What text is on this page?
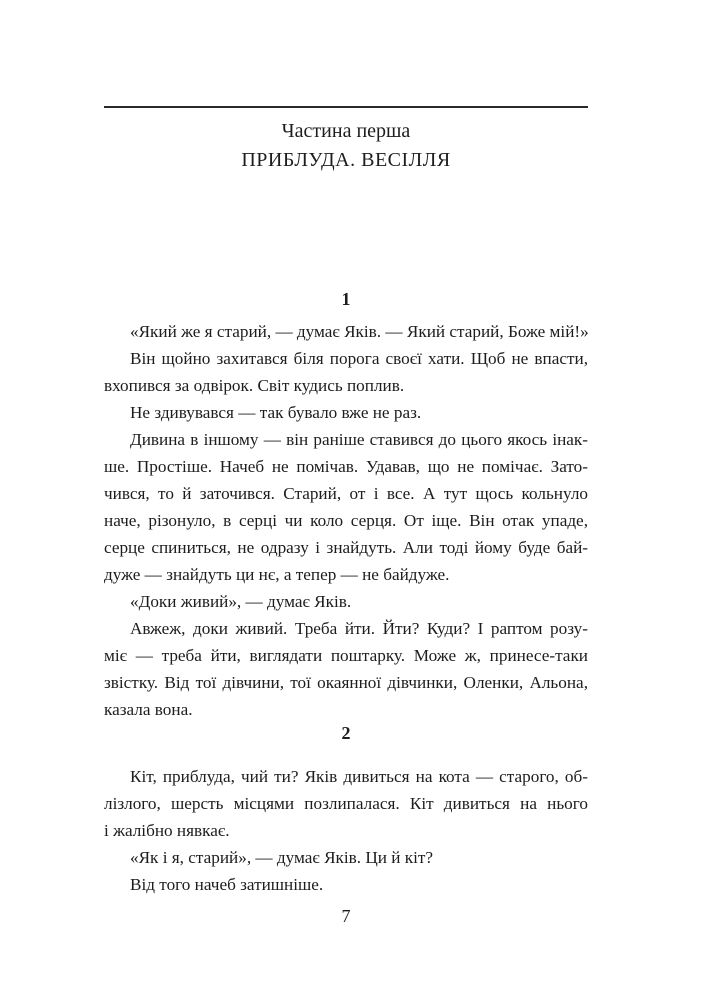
Частина перша
ПРИБЛУДА. ВЕСІЛЛЯ
1
«Який же я старий, — думає Яків. — Який старий, Боже мій!»
Він щойно захитався біля порога своєї хати. Щоб не впасти,
вхопився за одвірок. Світ кудись поплив.
Не здивувався — так бувало вже не раз.
Дивина в іншому — він раніше ставився до цього якось інак-
ше. Простіше. Начеб не помічав. Удавав, що не помічає. Зато-
чився, то й заточився. Старий, от і все. А тут щось кольнуло
наче, різонуло, в серці чи коло серця. От іще. Він отак упаде,
серце спиниться, не одразу і знайдуть. Али тоді йому буде бай-
дуже — знайдуть ци нє, а тепер — не байдуже.
«Доки живий», — думає Яків.
Авжеж, доки живий. Треба йти. Йти? Куди? І раптом розу-
міє — треба йти, виглядати поштарку. Може ж, принесе-таки
звістку. Від тої дівчини, тої окаянної дівчинки, Оленки, Альона,
казала вона.
2
Кіт, приблуда, чий ти? Яків дивиться на кота — старого, об-
лізлого, шерсть місцями позлипалася. Кіт дивиться на нього
і жалібно нявкає.
«Як і я, старий», — думає Яків. Ци й кіт?
Від того начеб затишніше.
7
